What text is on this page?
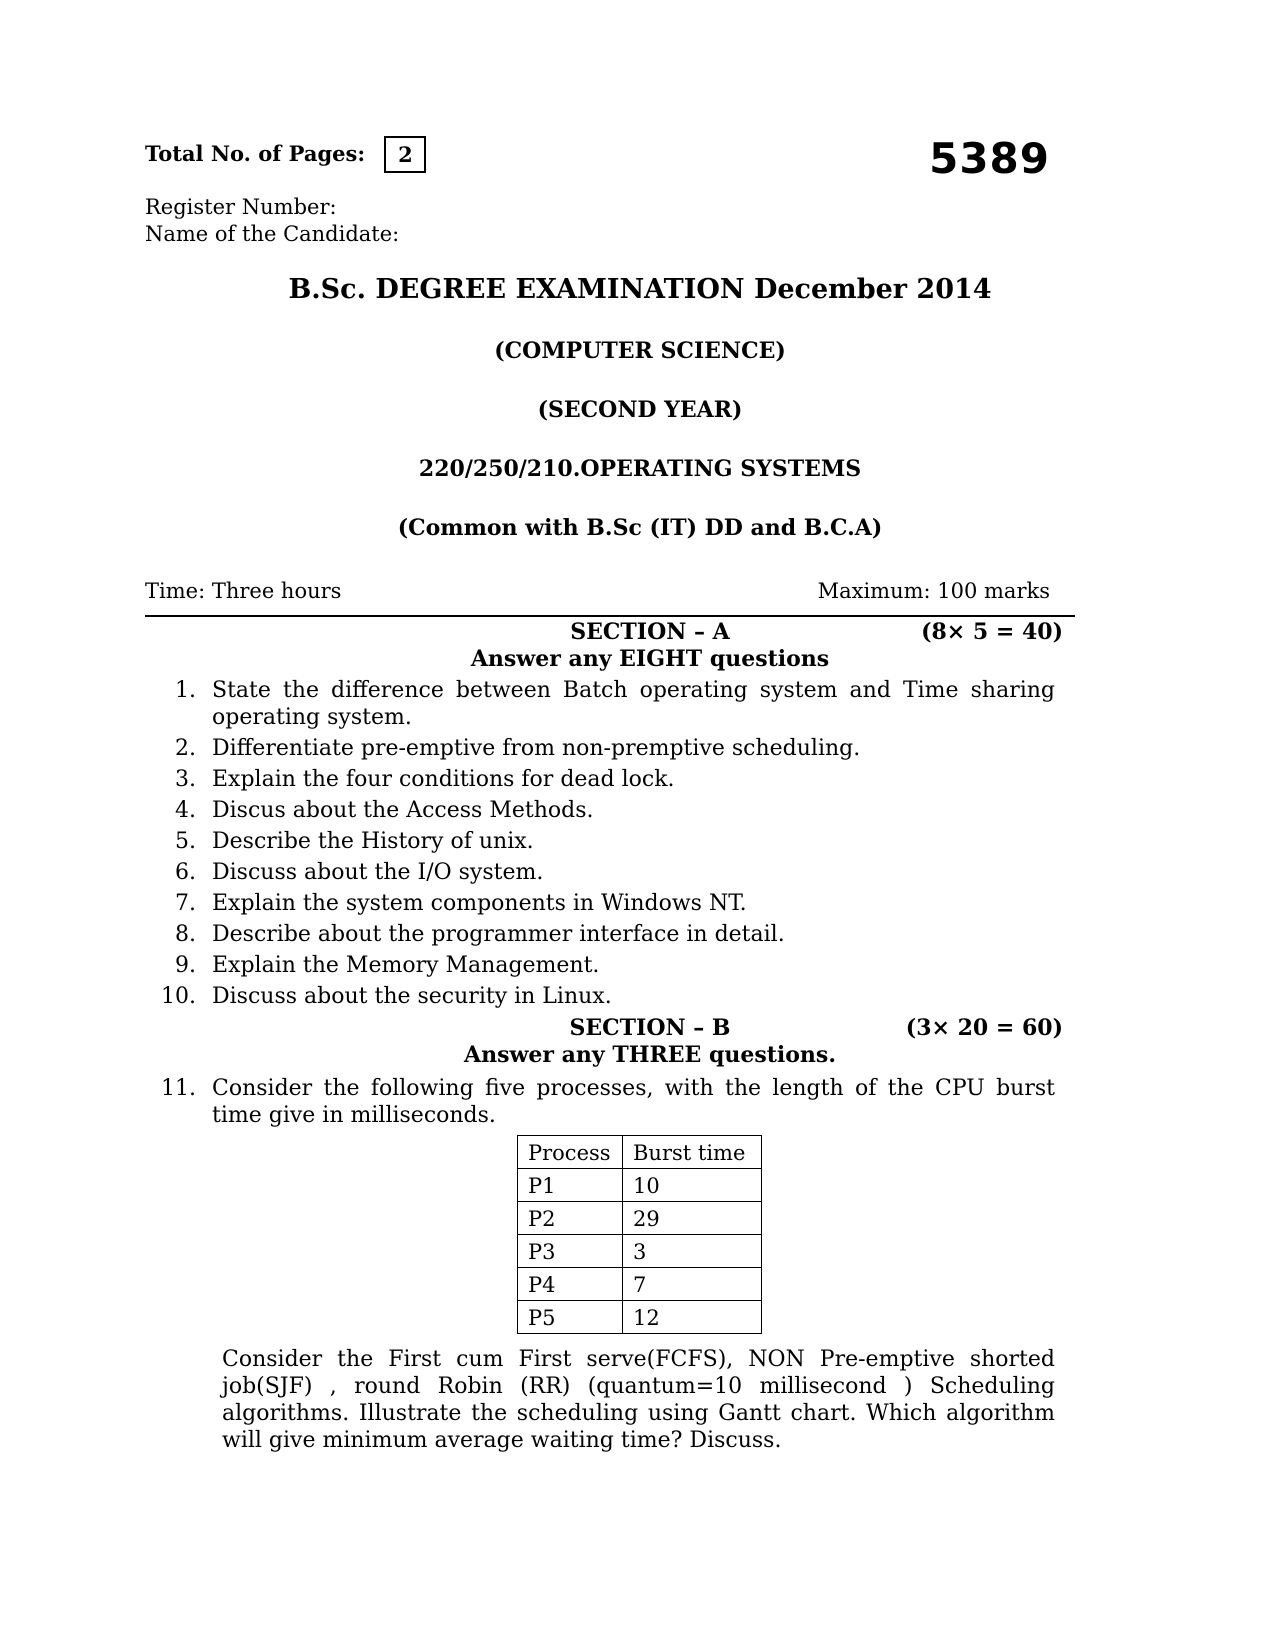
Total No. of Pages: 2	5389
Register Number:
Name of the Candidate:
B.Sc. DEGREE EXAMINATION December 2014
(COMPUTER SCIENCE)
(SECOND YEAR)
220/250/210.OPERATING SYSTEMS
(Common with B.Sc (IT) DD and B.C.A)
Time: Three hours	Maximum: 100 marks
SECTION – A	(8× 5 = 40)
Answer any EIGHT questions
1. State the difference between Batch operating system and Time sharing operating system.
2. Differentiate pre-emptive from non-premptive scheduling.
3. Explain the four conditions for dead lock.
4. Discus about the Access Methods.
5. Describe the History of unix.
6. Discuss about the I/O system.
7. Explain the system components in Windows NT.
8. Describe about the programmer interface in detail.
9. Explain the Memory Management.
10. Discuss about the security in Linux.
SECTION – B	(3× 20 = 60)
Answer any THREE questions.
11. Consider the following five processes, with the length of the CPU burst time give in milliseconds.
Process	Burst time
P1	10
P2	29
P3	3
P4	7
P5	12
Consider the First cum First serve(FCFS), NON Pre-emptive shorted job(SJF) , round Robin (RR) (quantum=10 millisecond ) Scheduling algorithms. Illustrate the scheduling using Gantt chart. Which algorithm will give minimum average waiting time? Discuss.
